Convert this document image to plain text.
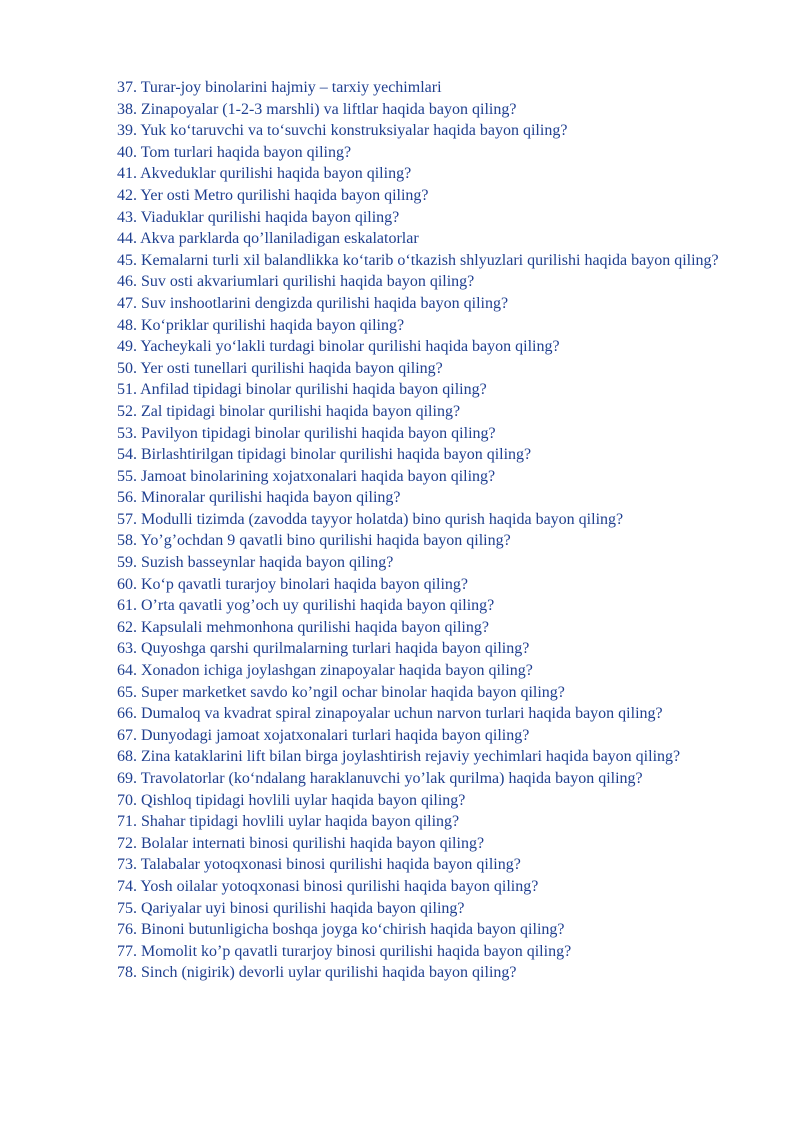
37. Turar-joy binolarini hajmiy – tarxiy yechimlari

38. Zinapoyalar (1-2-3 marshli) va liftlar haqida bayon qiling?

39. Yuk ko‘taruvchi va to‘suvchi konstruksiyalar haqida bayon qiling?

40. Tom turlari haqida bayon qiling?

41. Akveduklar qurilishi haqida bayon qiling?

42. Yer osti Metro qurilishi haqida bayon qiling?

43. Viaduklar qurilishi haqida bayon qiling?

44. Akva parklarda qo’llaniladigan eskalatorlar

45. Kemalarni turli xil balandlikka ko‘tarib o‘tkazish shlyuzlari qurilishi haqida bayon qiling?

46. Suv osti akvariumlari qurilishi haqida bayon qiling?

47. Suv inshootlarini dengizda qurilishi haqida bayon qiling?

48. Ko‘priklar qurilishi haqida bayon qiling?

49. Yacheykali yo‘lakli turdagi binolar qurilishi haqida bayon qiling?

50. Yer osti tunellari qurilishi haqida bayon qiling?

51. Anfilad tipidagi binolar qurilishi haqida bayon qiling?

52. Zal tipidagi binolar qurilishi haqida bayon qiling?

53. Pavilyon tipidagi binolar qurilishi haqida bayon qiling?

54. Birlashtirilgan tipidagi binolar qurilishi haqida bayon qiling?

55. Jamoat binolarining xojatxonalari haqida bayon qiling?

56. Minoralar qurilishi haqida bayon qiling?

57. Modulli tizimda (zavodda tayyor holatda) bino qurish haqida bayon qiling?

58. Yo’g’ochdan 9 qavatli bino qurilishi haqida bayon qiling?

59. Suzish basseynlar haqida bayon qiling?

60. Ko‘p qavatli turarjoy binolari haqida bayon qiling?

61. O’rta qavatli yog’och uy qurilishi haqida bayon qiling?

62. Kapsulali mehmonhona qurilishi haqida bayon qiling?

63. Quyoshga qarshi qurilmalarning turlari haqida bayon qiling?

64. Xonadon ichiga joylashgan zinapoyalar haqida bayon qiling?

65. Super marketket savdo ko’ngil ochar binolar haqida bayon qiling?

66. Dumaloq va kvadrat spiral zinapoyalar uchun narvon turlari haqida bayon qiling?

67. Dunyodagi jamoat xojatxonalari turlari haqida bayon qiling?

68. Zina kataklarini lift bilan birga joylashtirish rejaviy yechimlari haqida bayon qiling?

69. Travolatorlar (ko‘ndalang haraklanuvchi yo’lak qurilma) haqida bayon qiling?

70. Qishloq tipidagi hovlili uylar haqida bayon qiling?

71. Shahar tipidagi hovlili uylar haqida bayon qiling?

72. Bolalar internati binosi qurilishi haqida bayon qiling?

73. Talabalar yotoqxonasi binosi qurilishi haqida bayon qiling?

74. Yosh oilalar yotoqxonasi binosi qurilishi haqida bayon qiling?

75. Qariyalar uyi binosi qurilishi haqida bayon qiling?

76. Binoni butunligicha boshqa joyga ko‘chirish haqida bayon qiling?

77. Momolit ko’p qavatli turarjoy binosi qurilishi haqida bayon qiling?

78. Sinch (nigirik) devorli uylar qurilishi haqida bayon qiling?
